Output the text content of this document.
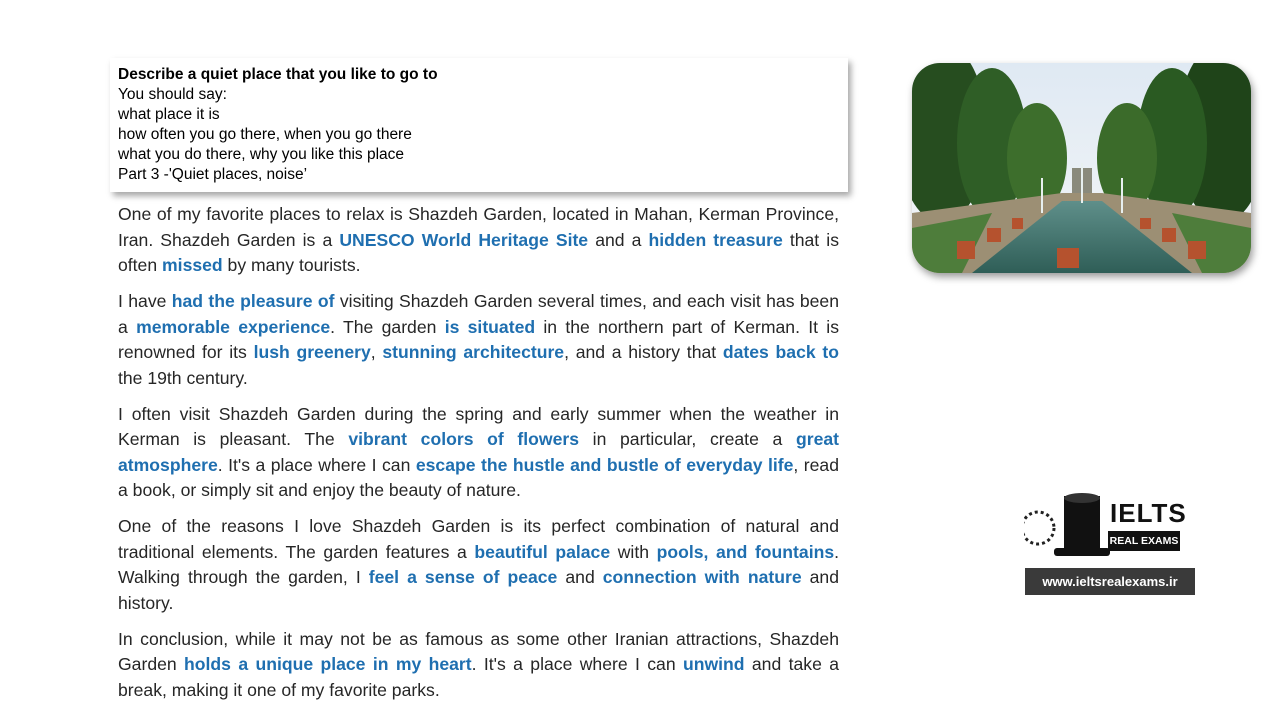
Describe a quiet place that you like to go to
You should say:
what place it is
how often you go there, when you go there
what you do there, why you like this place
Part 3 -'Quiet places, noise’

One of my favorite places to relax is Shazdeh Garden, located in Mahan, Kerman Province, Iran. Shazdeh Garden is a UNESCO World Heritage Site and a hidden treasure that is often missed by many tourists.

I have had the pleasure of visiting Shazdeh Garden several times, and each visit has been a memorable experience. The garden is situated in the northern part of Kerman. It is renowned for its lush greenery, stunning architecture, and a history that dates back to the 19th century.

I often visit Shazdeh Garden during the spring and early summer when the weather in Kerman is pleasant. The vibrant colors of flowers in particular, create a great atmosphere. It's a place where I can escape the hustle and bustle of everyday life, read a book, or simply sit and enjoy the beauty of nature.

One of the reasons I love Shazdeh Garden is its perfect combination of natural and traditional elements. The garden features a beautiful palace with pools, and fountains. Walking through the garden, I feel a sense of peace and connection with nature and history.

In conclusion, while it may not be as famous as some other Iranian attractions, Shazdeh Garden holds a unique place in my heart. It's a place where I can unwind and take a break, making it one of my favorite parks.

IELTS
REAL EXAMS
www.ieltsrealexams.ir
